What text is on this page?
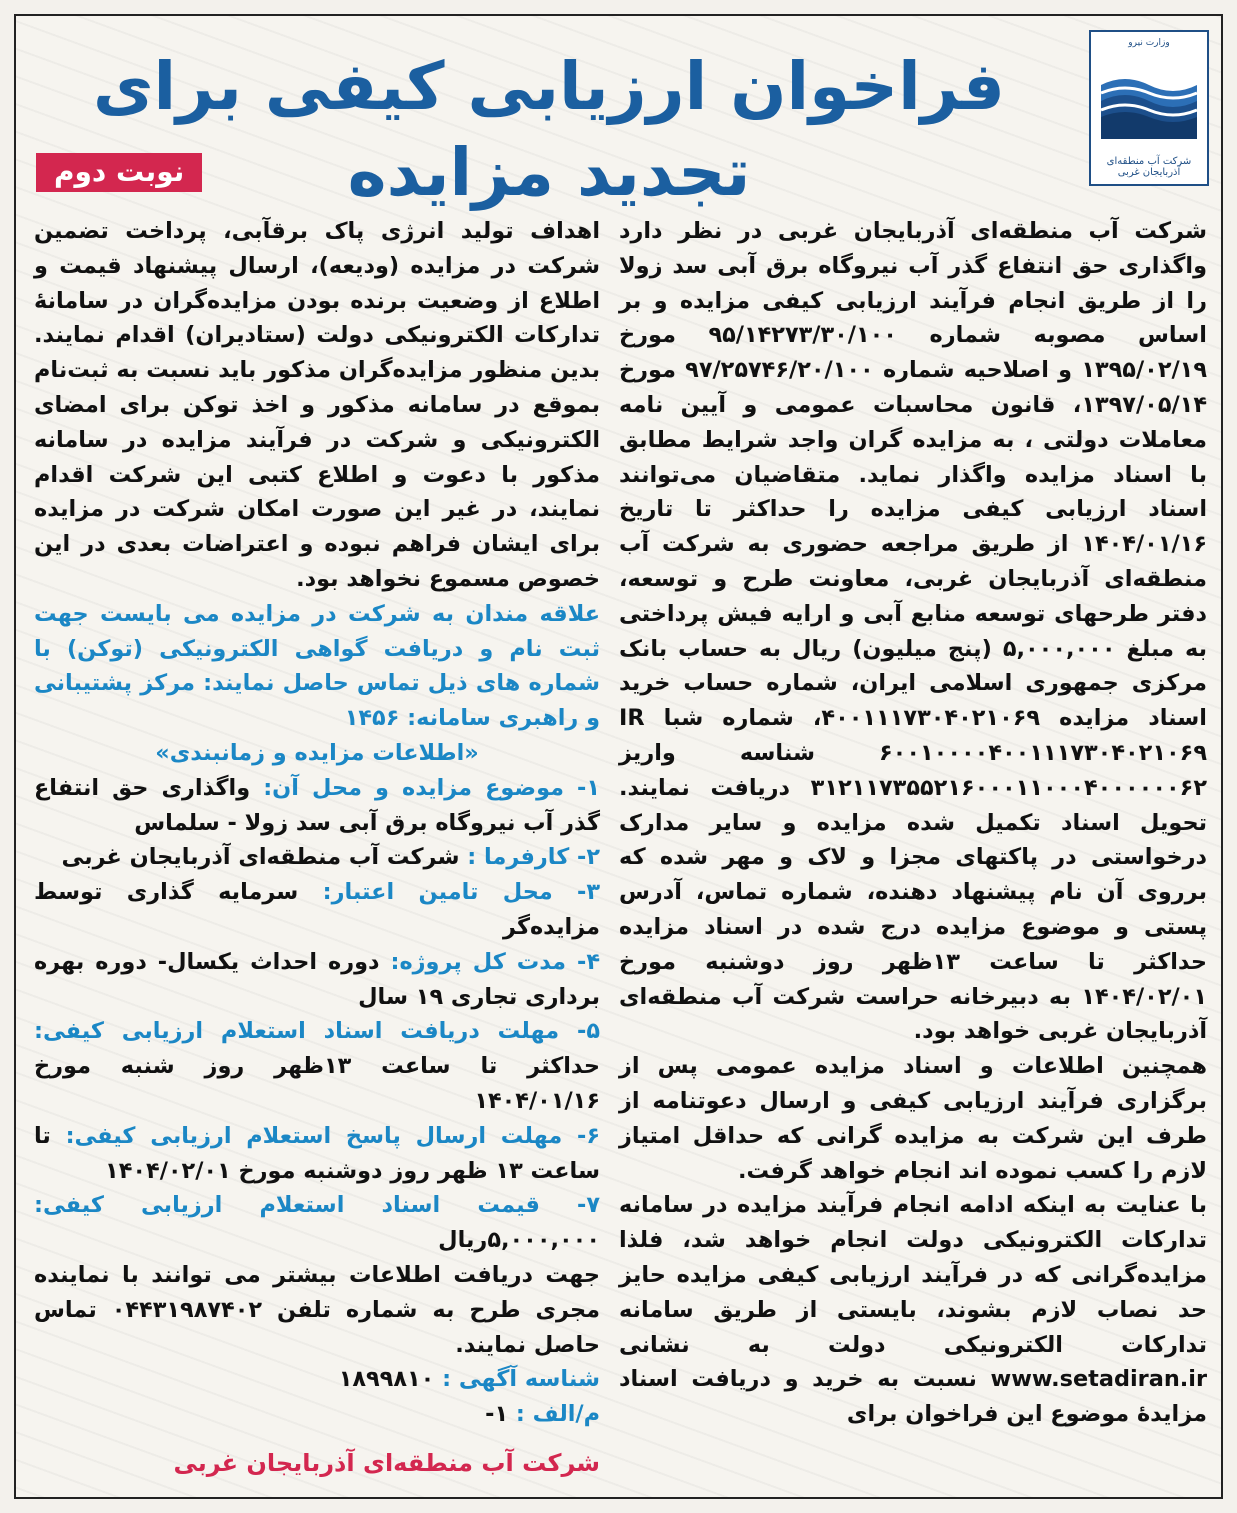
وزارت نیرو
شرکت آب منطقه‌ای آذربایجان غربی
فراخوان ارزیابی کیفی برای تجدید مزایده
نوبت دوم

شرکت آب منطقه‌ای آذربایجان غربی در نظر دارد واگذاری حق انتفاع گذر آب نیروگاه برق آبی سد زولا را از طریق انجام فرآیند ارزیابی کیفی مزایده و بر اساس مصوبه شماره ۹۵/۱۴۲۷۳/۳۰/۱۰۰ مورخ ۱۳۹۵/۰۲/۱۹ و اصلاحیه شماره ۹۷/۲۵۷۴۶/۲۰/۱۰۰ مورخ ۱۳۹۷/۰۵/۱۴، قانون محاسبات عمومی و آیین نامه معاملات دولتی ، به مزایده گران واجد شرایط مطابق با اسناد مزایده واگذار نماید. متقاضیان می‌توانند اسناد ارزیابی کیفی مزایده را حداکثر تا تاریخ ۱۴۰۴/۰۱/۱۶ از طریق مراجعه حضوری به شرکت آب منطقه‌ای آذربایجان غربی، معاونت طرح و توسعه، دفتر طرحهای توسعه منابع آبی و ارایه فیش پرداختی به مبلغ ۵,۰۰۰,۰۰۰ (پنج میلیون) ریال به حساب بانک مرکزی جمهوری اسلامی ایران، شماره حساب خرید اسناد مزایده ۴۰۰۱۱۱۷۳۰۴۰۲۱۰۶۹، شماره شبا IR ۶۰۰۱۰۰۰۰۴۰۰۱۱۱۷۳۰۴۰۲۱۰۶۹ شناسه واریز ۳۱۲۱۱۷۳۵۵۲۱۶۰۰۰۱۱۰۰۰۴۰۰۰۰۰۰۶۲ دریافت نمایند. تحویل اسناد تکمیل شده مزایده و سایر مدارک درخواستی در پاکتهای مجزا و لاک و مهر شده که برروی آن نام پیشنهاد دهنده، شماره تماس، آدرس پستی و موضوع مزایده درج شده در اسناد مزایده حداکثر تا ساعت ۱۳ظهر روز دوشنبه مورخ ۱۴۰۴/۰۲/۰۱ به دبیرخانه حراست شرکت آب منطقه‌ای آذربایجان غربی خواهد بود.

همچنین اطلاعات و اسناد مزایده عمومی پس از برگزاری فرآیند ارزیابی کیفی و ارسال دعوتنامه از طرف این شرکت به مزایده گرانی که حداقل امتیاز لازم را کسب نموده اند انجام خواهد گرفت.

با عنایت به اینکه ادامه انجام فرآیند مزایده در سامانه تدارکات الکترونیکی دولت انجام خواهد شد، فلذا مزایده‌گرانی که در فرآیند ارزیابی کیفی مزایده حایز حد نصاب لازم بشوند، بایستی از طریق سامانه تدارکات الکترونیکی دولت به نشانی www.setadiran.ir نسبت به خرید و دریافت اسناد مزایدهٔ موضوع این فراخوان برای

اهداف تولید انرژی پاک برقآبی، پرداخت تضمین شرکت در مزایده (ودیعه)، ارسال پیشنهاد قیمت و اطلاع از وضعیت برنده بودن مزایده‌گران در سامانهٔ تدارکات الکترونیکی دولت (ستادیران) اقدام نمایند. بدین منظور مزایده‌گران مذکور باید نسبت به ثبت‌نام بموقع در سامانه مذکور و اخذ توکن برای امضای الکترونیکی و شرکت در فرآیند مزایده در سامانه مذکور با دعوت و اطلاع کتبی این شرکت اقدام نمایند، در غیر این صورت امکان شرکت در مزایده برای ایشان فراهم نبوده و اعتراضات بعدی در این خصوص مسموع نخواهد بود.

علاقه مندان به شرکت در مزایده می بایست جهت ثبت نام و دریافت گواهی الکترونیکی (توکن) با شماره های ذیل تماس حاصل نمایند: مرکز پشتیبانی و راهبری سامانه: ۱۴۵۶

«اطلاعات مزایده و زمانبندی»

۱- موضوع مزایده و محل آن: واگذاری حق انتفاع گذر آب نیروگاه برق آبی سد زولا - سلماس

۲- کارفرما : شرکت آب منطقه‌ای آذربایجان غربی

۳- محل تامین اعتبار: سرمایه گذاری توسط مزایده‌گر

۴- مدت کل پروژه: دوره احداث یکسال- دوره بهره برداری تجاری ۱۹ سال

۵- مهلت دریافت اسناد استعلام ارزیابی کیفی: حداکثر تا ساعت ۱۳ظهر روز شنبه مورخ ۱۴۰۴/۰۱/۱۶

۶- مهلت ارسال پاسخ استعلام ارزیابی کیفی: تا ساعت ۱۳ ظهر روز دوشنبه مورخ ۱۴۰۴/۰۲/۰۱

۷- قیمت اسناد استعلام ارزیابی کیفی: ۵,۰۰۰,۰۰۰ریال

جهت دریافت اطلاعات بیشتر می توانند با نماینده مجری طرح به شماره تلفن ۰۴۴۳۱۹۸۷۴۰۲ تماس حاصل نمایند.

شناسه آگهی : ۱۸۹۹۸۱۰

م/الف : ۱-

شرکت آب منطقه‌ای آذربایجان غربی
